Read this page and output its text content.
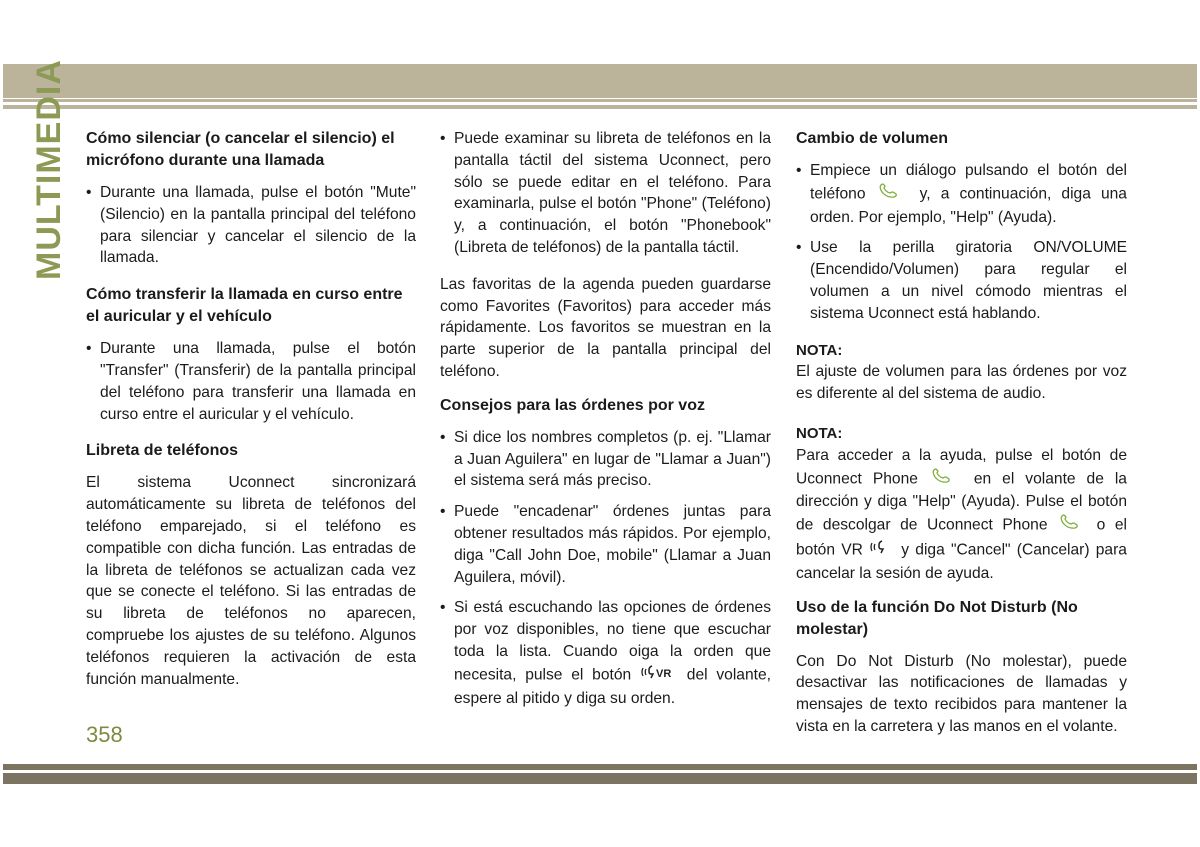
MULTIMEDIA
358
Cómo silenciar (o cancelar el silencio) el micrófono durante una llamada
• Durante una llamada, pulse el botón "Mute" (Silencio) en la pantalla principal del teléfono para silenciar y cancelar el silencio de la llamada.
Cómo transferir la llamada en curso entre el auricular y el vehículo
• Durante una llamada, pulse el botón "Transfer" (Transferir) de la pantalla principal del teléfono para transferir una llamada en curso entre el auricular y el vehículo.
Libreta de teléfonos

El sistema Uconnect sincronizará automáticamente su libreta de teléfonos del teléfono emparejado, si el teléfono es compatible con dicha función. Las entradas de la libreta de teléfonos se actualizan cada vez que se conecte el teléfono. Si las entradas de su libreta de teléfonos no aparecen, compruebe los ajustes de su teléfono. Algunos teléfonos requieren la activación de esta función manualmente.

• Puede examinar su libreta de teléfonos en la pantalla táctil del sistema Uconnect, pero sólo se puede editar en el teléfono. Para examinarla, pulse el botón "Phone" (Teléfono) y, a continuación, el botón "Phonebook" (Libreta de teléfonos) de la pantalla táctil.

Las favoritas de la agenda pueden guardarse como Favorites (Favoritos) para acceder más rápidamente. Los favoritos se muestran en la parte superior de la pantalla principal del teléfono.

Consejos para las órdenes por voz
• Si dice los nombres completos (p. ej. "Llamar a Juan Aguilera" en lugar de "Llamar a Juan") el sistema será más preciso.
• Puede "encadenar" órdenes juntas para obtener resultados más rápidos. Por ejemplo, diga "Call John Doe, mobile" (Llamar a Juan Aguilera, móvil).
• Si está escuchando las opciones de órdenes por voz disponibles, no tiene que escuchar toda la lista. Cuando oiga la orden que necesita, pulse el botón VR del volante, espere al pitido y diga su orden.
Cambio de volumen
• Empiece un diálogo pulsando el botón del teléfono	y, a continuación, diga una orden. Por ejemplo, "Help" (Ayuda).
• Use la perilla giratoria ON/VOLUME (Encendido/Volumen) para regular el volumen a un nivel cómodo mientras el sistema Uconnect está hablando.
NOTA:

El ajuste de volumen para las órdenes por voz es diferente al del sistema de audio.

NOTA:

Para acceder a la ayuda, pulse el botón de Uconnect Phone	en el volante de la dirección y diga "Help" (Ayuda). Pulse el botón de descolgar de Uconnect Phone	o el botón VR y diga "Cancel" (Cancelar) para cancelar la sesión de ayuda.

Uso de la función Do Not Disturb (No molestar)

Con Do Not Disturb (No molestar), puede desactivar las notificaciones de llamadas y mensajes de texto recibidos para mantener la vista en la carretera y las manos en el volante.
